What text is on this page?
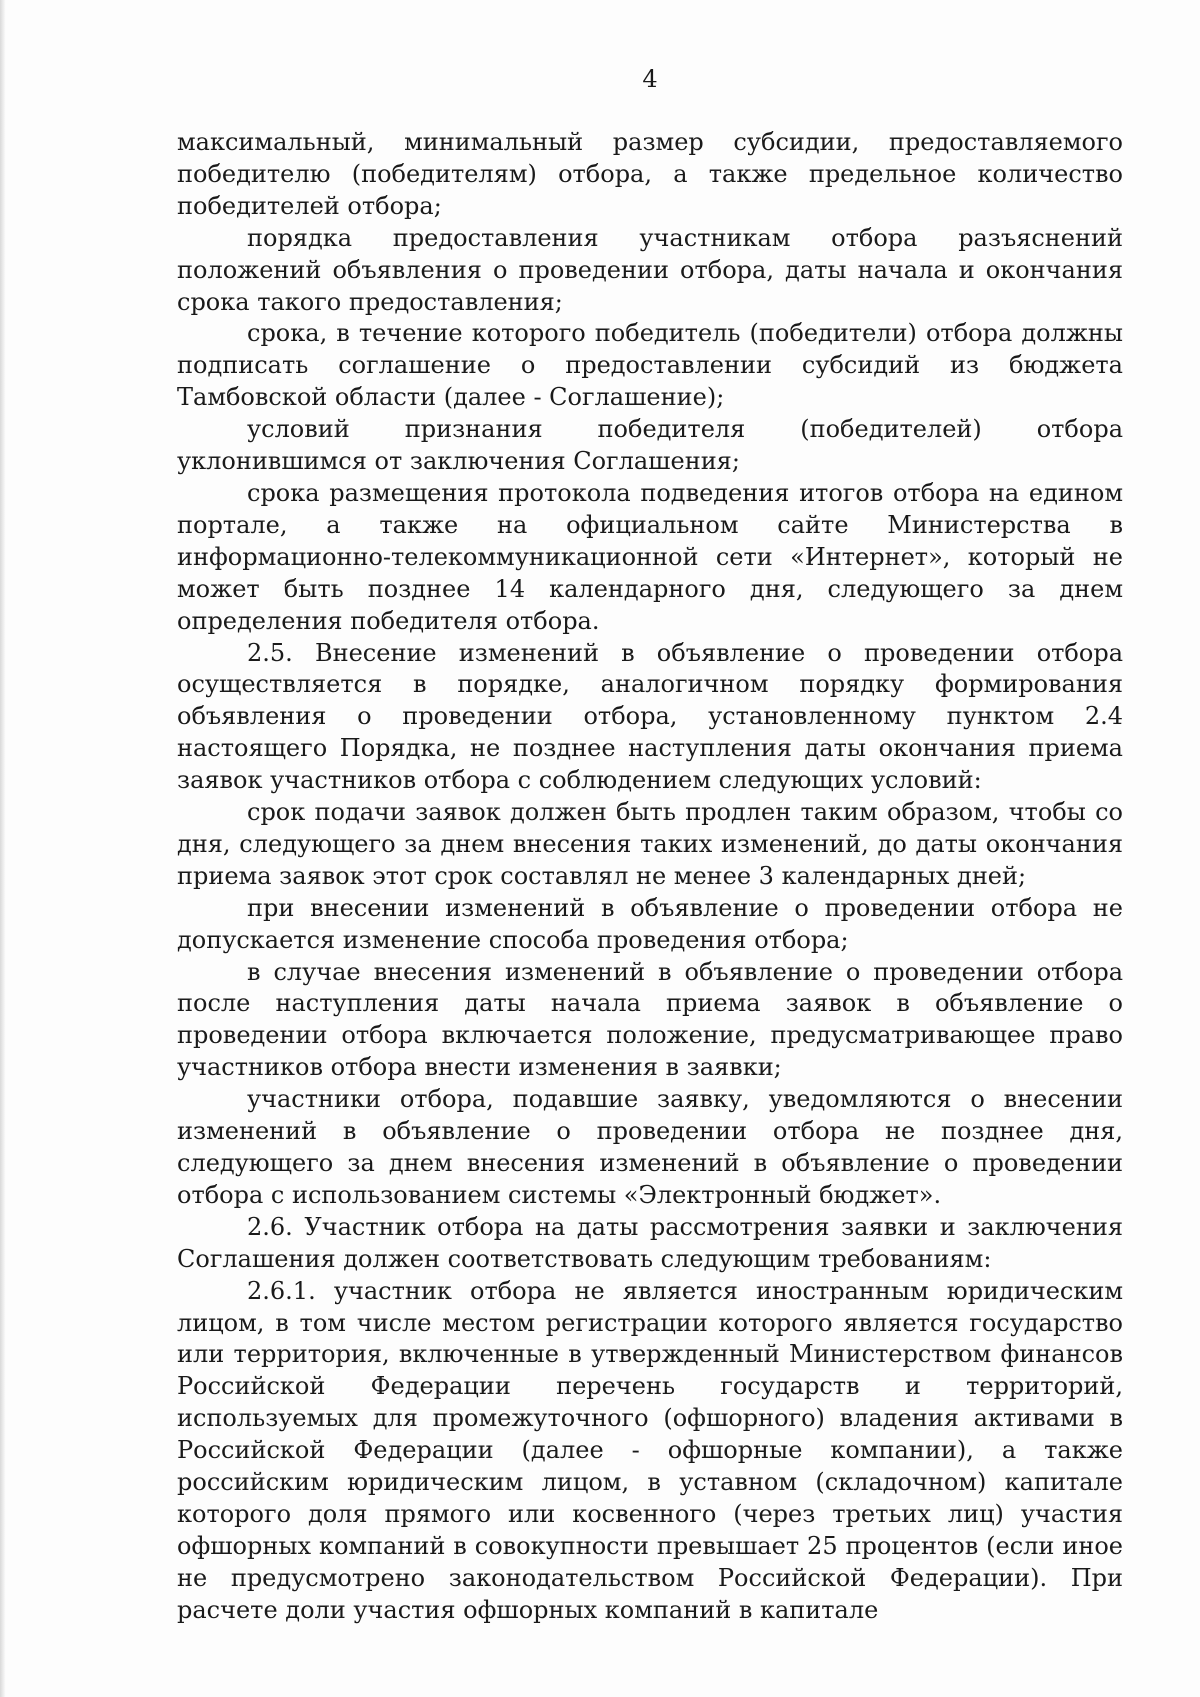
4

максимальный, минимальный размер субсидии, предоставляемого победителю (победителям) отбора, а также предельное количество победителей отбора;

порядка предоставления участникам отбора разъяснений положений объявления о проведении отбора, даты начала и окончания срока такого предоставления;

срока, в течение которого победитель (победители) отбора должны подписать соглашение о предоставлении субсидий из бюджета Тамбовской области (далее - Соглашение);

условий признания победителя (победителей) отбора уклонившимся от заключения Соглашения;

срока размещения протокола подведения итогов отбора на едином портале, а также на официальном сайте Министерства в информационно-телекоммуникационной сети «Интернет», который не может быть позднее 14 календарного дня, следующего за днем определения победителя отбора.

2.5. Внесение изменений в объявление о проведении отбора осуществляется в порядке, аналогичном порядку формирования объявления о проведении отбора, установленному пунктом 2.4 настоящего Порядка, не позднее наступления даты окончания приема заявок участников отбора с соблюдением следующих условий:

срок подачи заявок должен быть продлен таким образом, чтобы со дня, следующего за днем внесения таких изменений, до даты окончания приема заявок этот срок составлял не менее 3 календарных дней;

при внесении изменений в объявление о проведении отбора не допускается изменение способа проведения отбора;

в случае внесения изменений в объявление о проведении отбора после наступления даты начала приема заявок в объявление о проведении отбора включается положение, предусматривающее право участников отбора внести изменения в заявки;

участники отбора, подавшие заявку, уведомляются о внесении изменений в объявление о проведении отбора не позднее дня, следующего за днем внесения изменений в объявление о проведении отбора с использованием системы «Электронный бюджет».

2.6. Участник отбора на даты рассмотрения заявки и заключения Соглашения должен соответствовать следующим требованиям:

2.6.1. участник отбора не является иностранным юридическим лицом, в том числе местом регистрации которого является государство или территория, включенные в утвержденный Министерством финансов Российской Федерации перечень государств и территорий, используемых для промежуточного (офшорного) владения активами в Российской Федерации (далее - офшорные компании), а также российским юридическим лицом, в уставном (складочном) капитале которого доля прямого или косвенного (через третьих лиц) участия офшорных компаний в совокупности превышает 25 процентов (если иное не предусмотрено законодательством Российской Федерации). При расчете доли участия офшорных компаний в капитале
